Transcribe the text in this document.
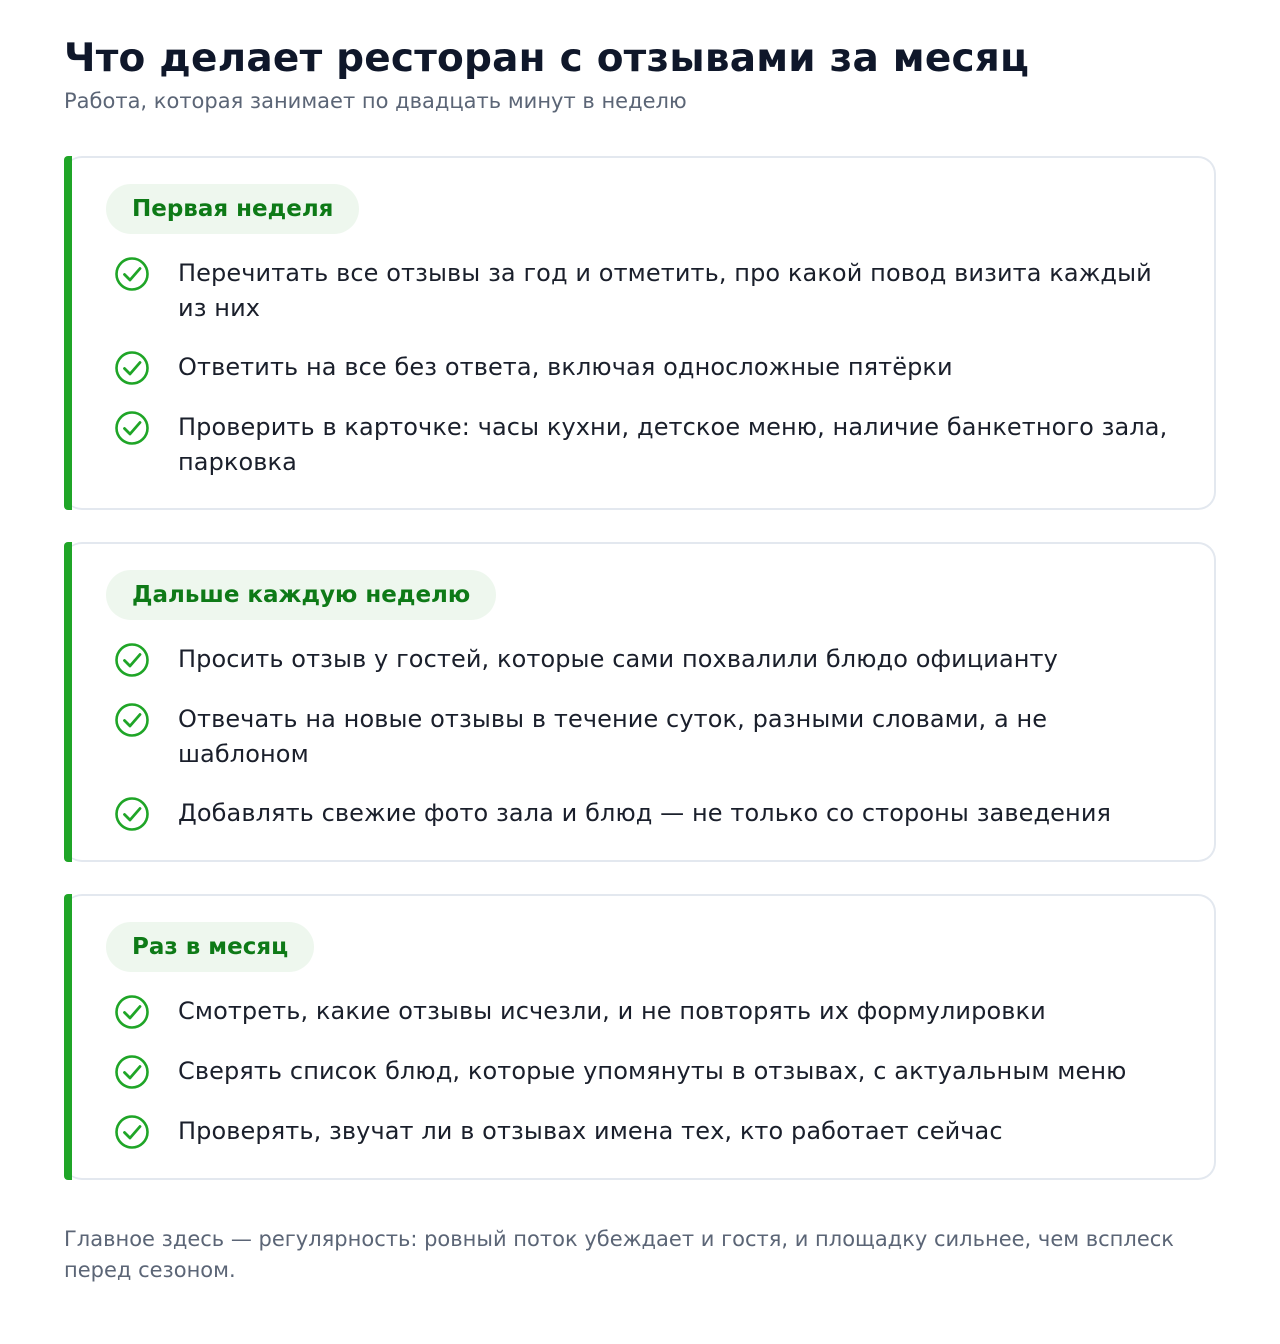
Что делает ресторан с отзывами за месяц
Работа, которая занимает по двадцать минут в неделю
Первая неделя
Перечитать все отзывы за год и отметить, про какой повод визита каждый из них
Ответить на все без ответа, включая односложные пятёрки
Проверить в карточке: часы кухни, детское меню, наличие банкетного зала, парковка
Дальше каждую неделю
Просить отзыв у гостей, которые сами похвалили блюдо официанту
Отвечать на новые отзывы в течение суток, разными словами, а не шаблоном
Добавлять свежие фото зала и блюд — не только со стороны заведения
Раз в месяц
Смотреть, какие отзывы исчезли, и не повторять их формулировки
Сверять список блюд, которые упомянуты в отзывах, с актуальным меню
Проверять, звучат ли в отзывах имена тех, кто работает сейчас

Главное здесь — регулярность: ровный поток убеждает и гостя, и площадку сильнее, чем всплеск перед сезоном.
